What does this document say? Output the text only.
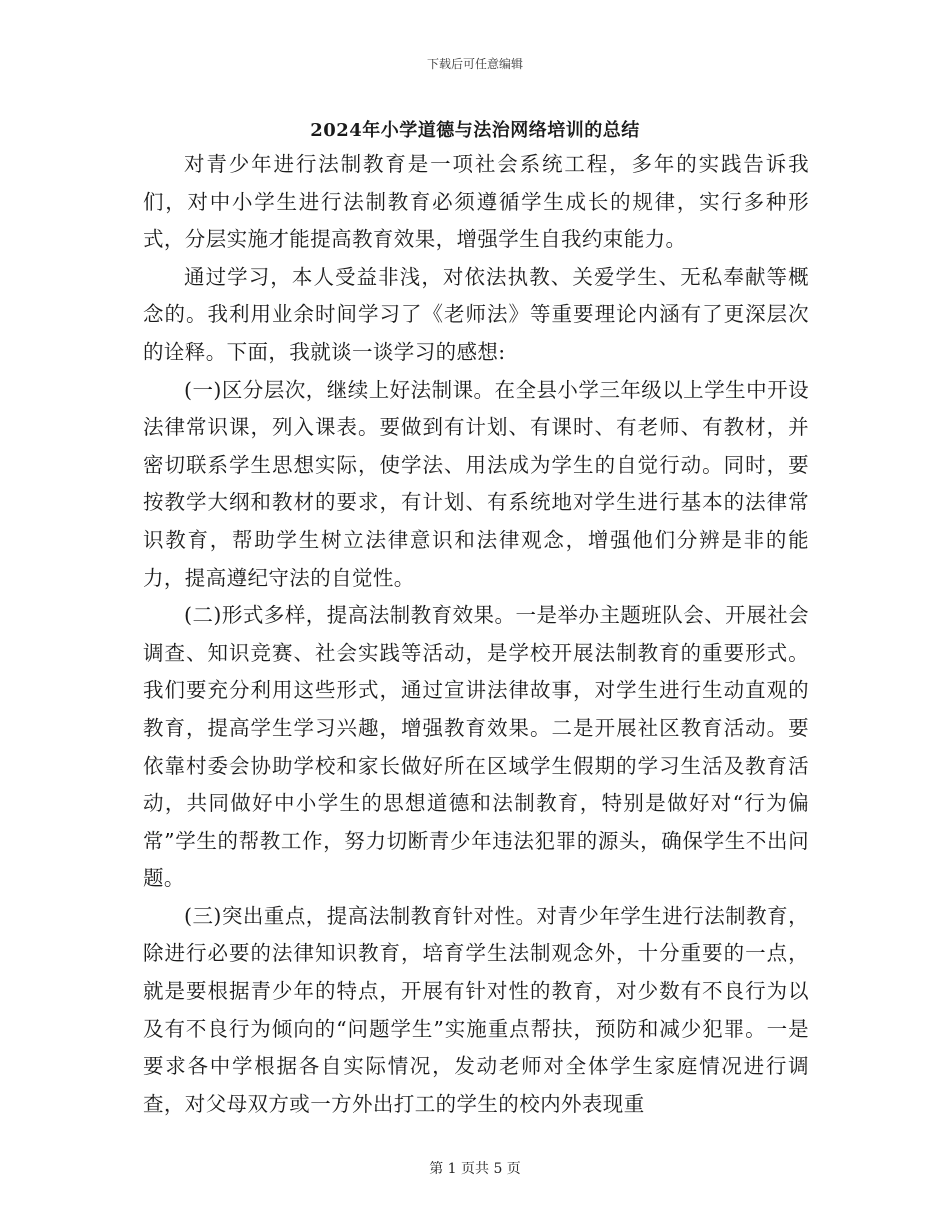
下载后可任意编辑
2024年小学道德与法治网络培训的总结

对青少年进行法制教育是一项社会系统工程，多年的实践告诉我们，对中小学生进行法制教育必须遵循学生成长的规律，实行多种形式，分层实施才能提高教育效果，增强学生自我约束能力。

通过学习，本人受益非浅，对依法执教、关爱学生、无私奉献等概念的。我利用业余时间学习了《老师法》等重要理论内涵有了更深层次的诠释。下面，我就谈一谈学习的感想:

(一)区分层次，继续上好法制课。在全县小学三年级以上学生中开设法律常识课，列入课表。要做到有计划、有课时、有老师、有教材，并密切联系学生思想实际，使学法、用法成为学生的自觉行动。同时，要按教学大纲和教材的要求，有计划、有系统地对学生进行基本的法律常识教育，帮助学生树立法律意识和法律观念，增强他们分辨是非的能力，提高遵纪守法的自觉性。

(二)形式多样，提高法制教育效果。一是举办主题班队会、开展社会调查、知识竞赛、社会实践等活动，是学校开展法制教育的重要形式。我们要充分利用这些形式，通过宣讲法律故事，对学生进行生动直观的教育，提高学生学习兴趣，增强教育效果。二是开展社区教育活动。要依靠村委会协助学校和家长做好所在区域学生假期的学习生活及教育活动，共同做好中小学生的思想道德和法制教育，特别是做好对“行为偏常”学生的帮教工作，努力切断青少年违法犯罪的源头，确保学生不出问题。

(三)突出重点，提高法制教育针对性。对青少年学生进行法制教育，除进行必要的法律知识教育，培育学生法制观念外，十分重要的一点，就是要根据青少年的特点，开展有针对性的教育，对少数有不良行为以及有不良行为倾向的“问题学生”实施重点帮扶，预防和减少犯罪。一是要求各中学根据各自实际情况，发动老师对全体学生家庭情况进行调查，对父母双方或一方外出打工的学生的校内外表现重

第 1 页共 5 页
